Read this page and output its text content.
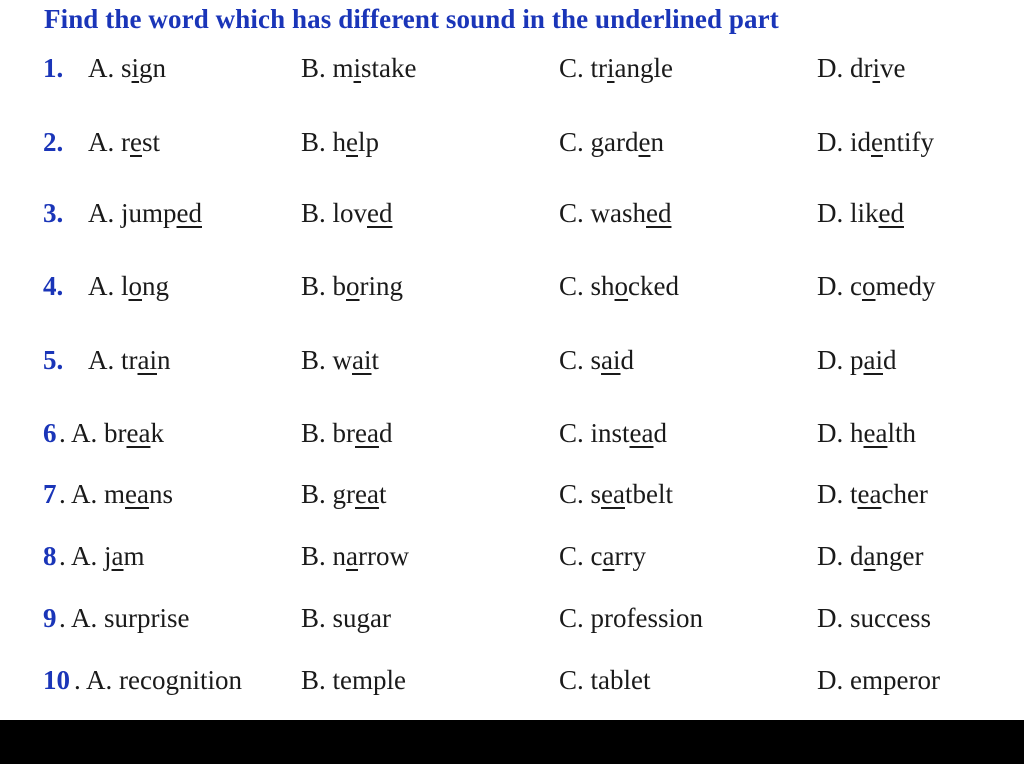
Find the word which has different sound in the underlined part
1. A. sign	B. mistake	C. triangle	D. drive
2. A. rest	B. help	C. garden	D. identify
3. A. jumped	B. loved	C. washed	D. liked
4. A. long	B. boring	C. shocked	D. comedy
5. A. train	B. wait	C. said	D. paid
6 . A. break	B. bread	C. instead	D. health
7 . A. means	B. great	C. seatbelt	D. teacher
8 . A. jam	B. narrow	C. carry	D. danger
9 . A. surprise	B. sugar	C. profession	D. success
10 . A. recognition B. temple	C. tablet	D. emperor
